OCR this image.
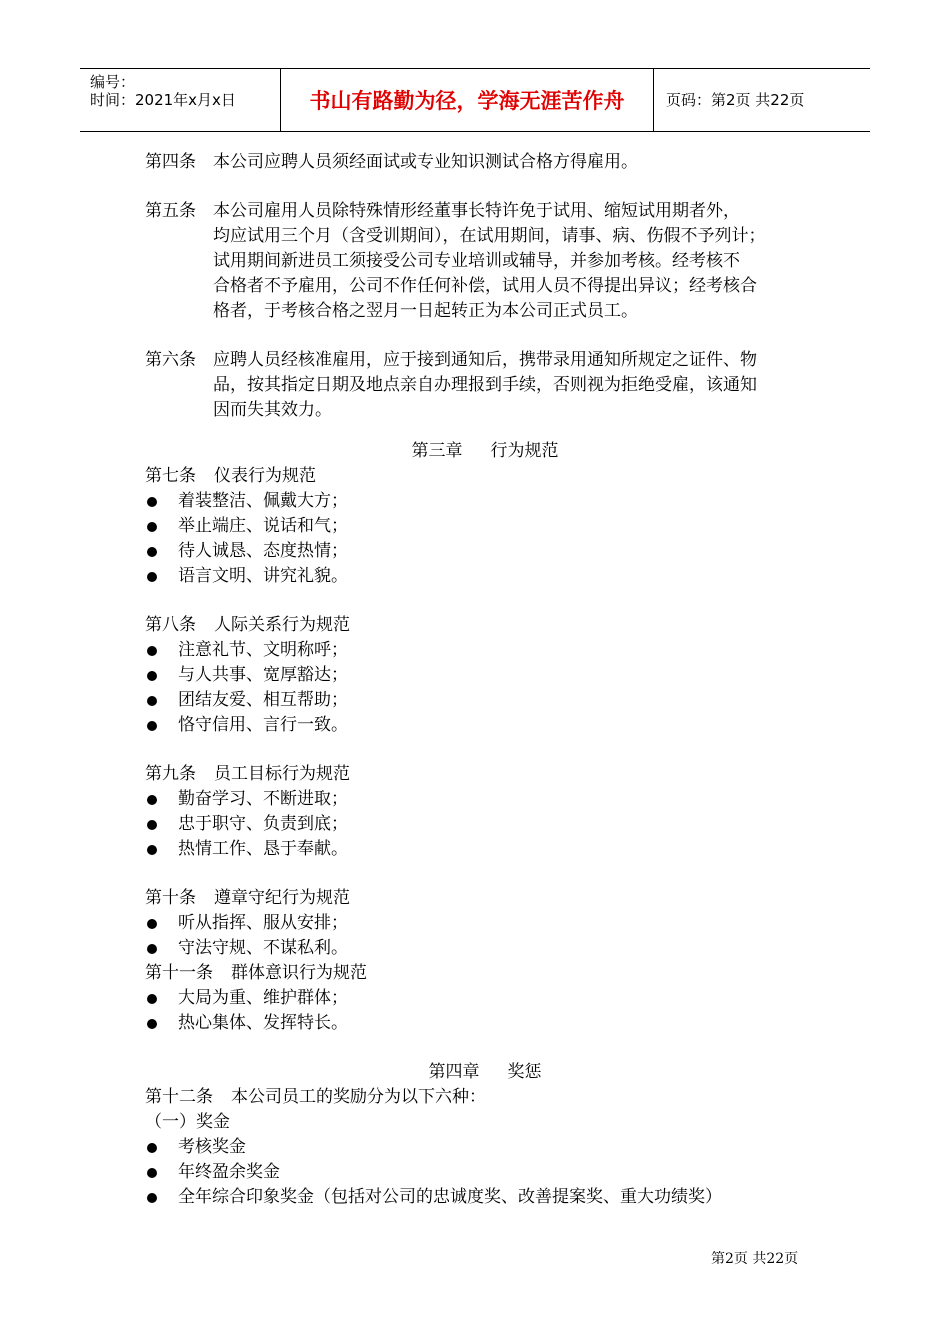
编号：
时间：2021年x月x日	书山有路勤为径，学海无涯苦作舟	页码：第2页 共22页
第四条	本公司应聘人员须经面试或专业知识测试合格方得雇用。
第五条	本公司雇用人员除特殊情形经董事长特许免于试用、缩短试用期者外，
均应试用三个月（含受训期间），在试用期间，请事、病、伤假不予列计；
试用期间新进员工须接受公司专业培训或辅导，并参加考核。经考核不
合格者不予雇用，公司不作任何补偿，试用人员不得提出异议；经考核合
格者，于考核合格之翌月一日起转正为本公司正式员工。
第六条	应聘人员经核准雇用，应于接到通知后，携带录用通知所规定之证件、物
品，按其指定日期及地点亲自办理报到手续，否则视为拒绝受雇，该通知
因而失其效力。
第三章 行为规范
第七条 仪表行为规范
着装整洁、佩戴大方；
举止端庄、说话和气；
待人诚恳、态度热情；
语言文明、讲究礼貌。
第八条 人际关系行为规范
注意礼节、文明称呼；
与人共事、宽厚豁达；
团结友爱、相互帮助；
恪守信用、言行一致。
第九条 员工目标行为规范
勤奋学习、不断进取；
忠于职守、负责到底；
热情工作、恳于奉献。
第十条 遵章守纪行为规范
听从指挥、服从安排；
守法守规、不谋私利。
第十一条 群体意识行为规范
大局为重、维护群体；
热心集体、发挥特长。
第四章 奖惩
第十二条 本公司员工的奖励分为以下六种：
（一）奖金
考核奖金
年终盈余奖金
全年综合印象奖金（包括对公司的忠诚度奖、改善提案奖、重大功绩奖）
第2页 共22页
